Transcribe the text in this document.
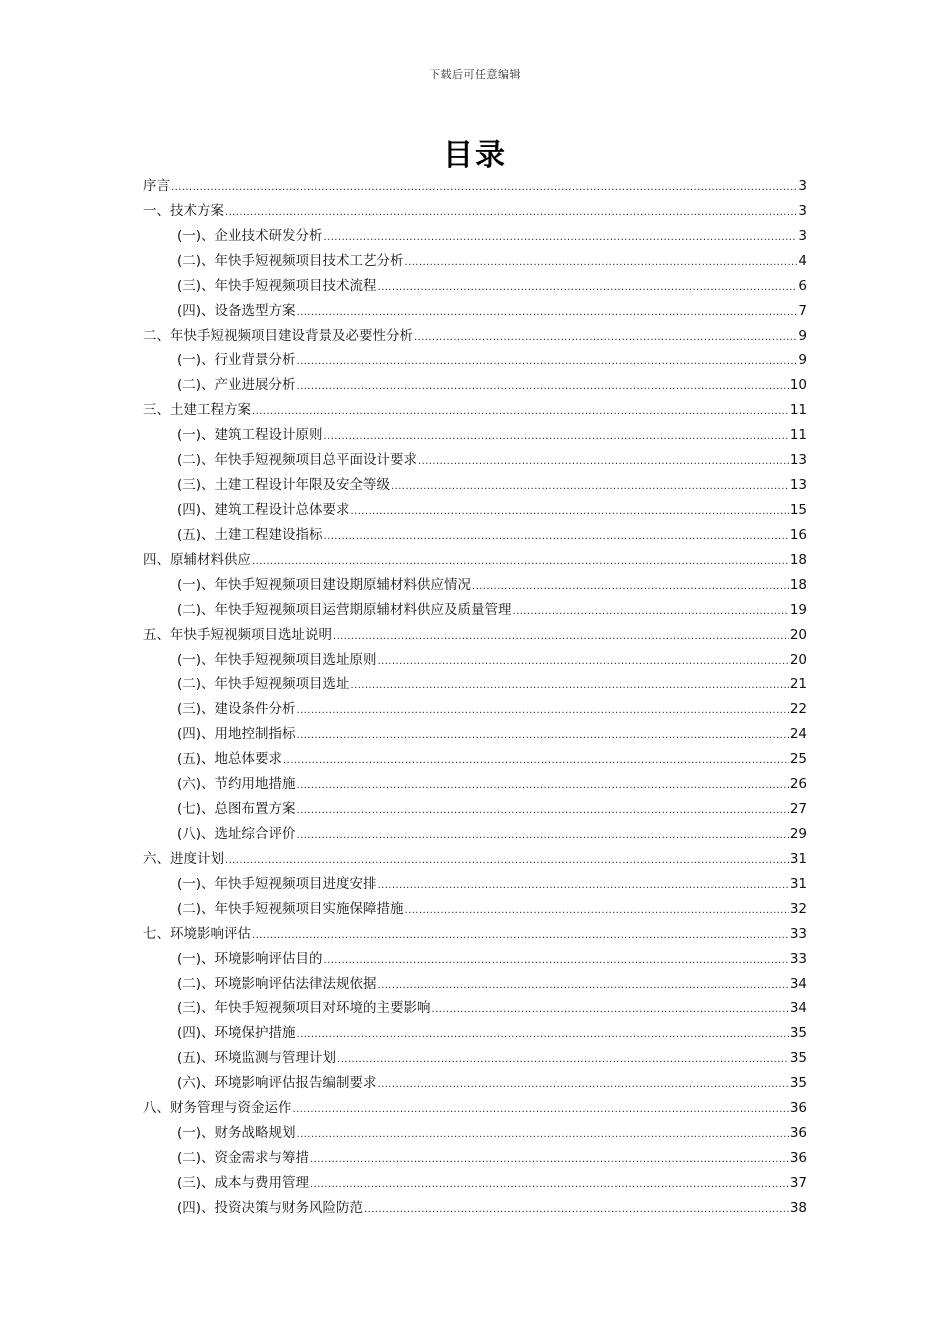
下载后可任意编辑
目录
序言 .....	3
一、技术方案 .....	3
(一)、企业技术研发分析 .....	3
(二)、年快手短视频项目技术工艺分析 .....	4
(三)、年快手短视频项目技术流程 .....	6
(四)、设备选型方案 .....	7
二、年快手短视频项目建设背景及必要性分析 .....	9
(一)、行业背景分析 .....	9
(二)、产业进展分析 .....	10
三、土建工程方案 .....	11
(一)、建筑工程设计原则 .....	11
(二)、年快手短视频项目总平面设计要求 .....	13
(三)、土建工程设计年限及安全等级 .....	13
(四)、建筑工程设计总体要求 .....	15
(五)、土建工程建设指标 .....	16
四、原辅材料供应 .....	18
(一)、年快手短视频项目建设期原辅材料供应情况 .....	18
(二)、年快手短视频项目运营期原辅材料供应及质量管理 .....	19
五、年快手短视频项目选址说明 .....	20
(一)、年快手短视频项目选址原则 .....	20
(二)、年快手短视频项目选址 .....	21
(三)、建设条件分析 .....	22
(四)、用地控制指标 .....	24
(五)、地总体要求 .....	25
(六)、节约用地措施 .....	26
(七)、总图布置方案 .....	27
(八)、选址综合评价 .....	29
六、进度计划 .....	31
(一)、年快手短视频项目进度安排 .....	31
(二)、年快手短视频项目实施保障措施 .....	32
七、环境影响评估 .....	33
(一)、环境影响评估目的 .....	33
(二)、环境影响评估法律法规依据 .....	34
(三)、年快手短视频项目对环境的主要影响 .....	34
(四)、环境保护措施 .....	35
(五)、环境监测与管理计划 .....	35
(六)、环境影响评估报告编制要求 .....	35
八、财务管理与资金运作 .....	36
(一)、财务战略规划 .....	36
(二)、资金需求与筹措 .....	36
(三)、成本与费用管理 .....	37
(四)、投资决策与财务风险防范 .....	38
